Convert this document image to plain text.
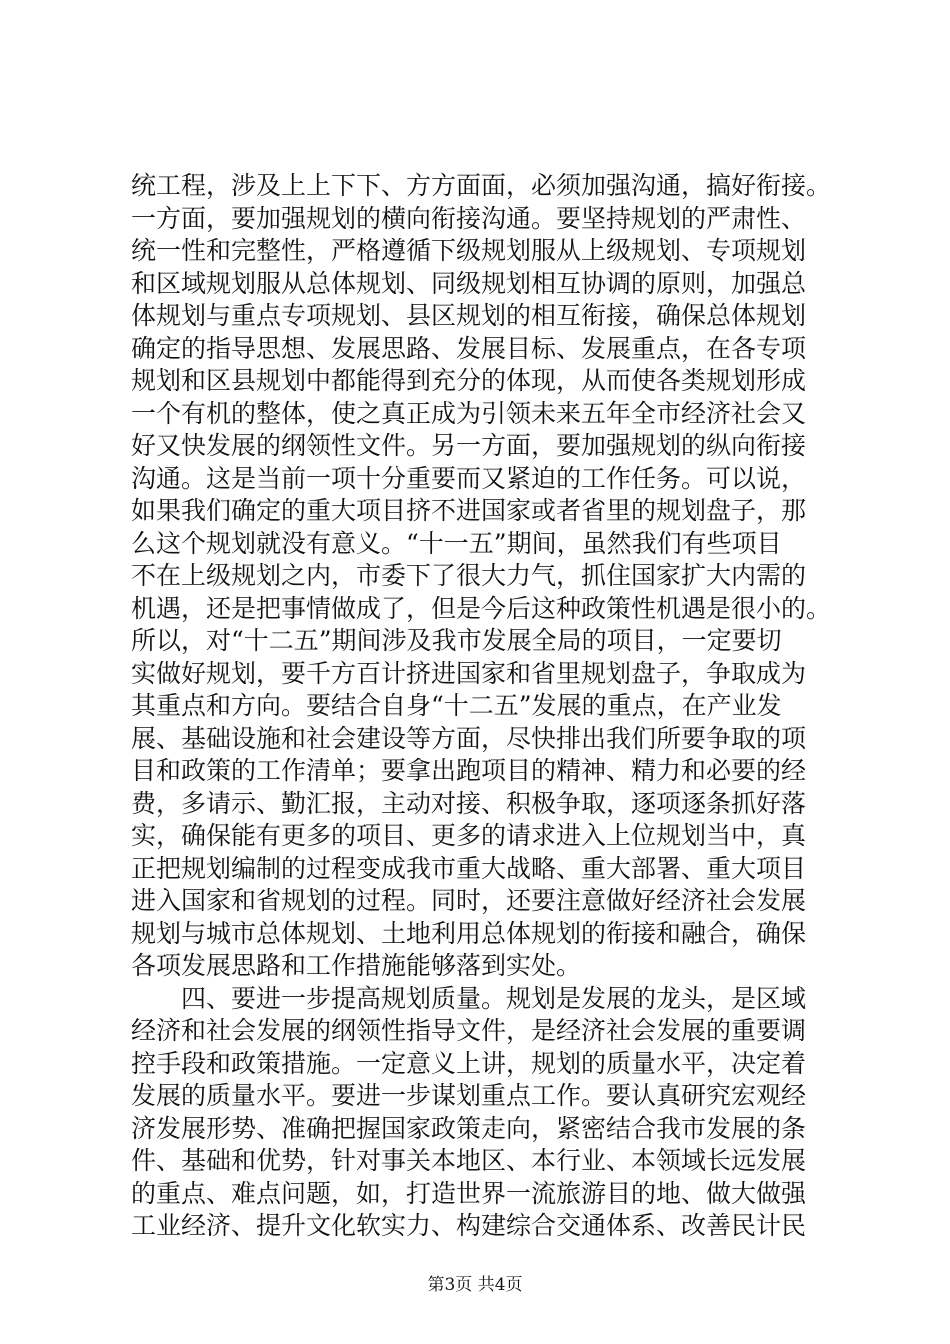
统工程，涉及上上下下、方方面面，必须加强沟通，搞好衔接。
一方面，要加强规划的横向衔接沟通。要坚持规划的严肃性、
统一性和完整性，严格遵循下级规划服从上级规划、专项规划
和区域规划服从总体规划、同级规划相互协调的原则，加强总
体规划与重点专项规划、县区规划的相互衔接，确保总体规划
确定的指导思想、发展思路、发展目标、发展重点，在各专项
规划和区县规划中都能得到充分的体现，从而使各类规划形成
一个有机的整体，使之真正成为引领未来五年全市经济社会又
好又快发展的纲领性文件。另一方面，要加强规划的纵向衔接
沟通。这是当前一项十分重要而又紧迫的工作任务。可以说，
如果我们确定的重大项目挤不进国家或者省里的规划盘子，那
么这个规划就没有意义。“十一五”期间，虽然我们有些项目
不在上级规划之内，市委下了很大力气，抓住国家扩大内需的
机遇，还是把事情做成了，但是今后这种政策性机遇是很小的。
所以，对“十二五”期间涉及我市发展全局的项目，一定要切
实做好规划，要千方百计挤进国家和省里规划盘子，争取成为
其重点和方向。要结合自身“十二五”发展的重点，在产业发
展、基础设施和社会建设等方面，尽快排出我们所要争取的项
目和政策的工作清单；要拿出跑项目的精神、精力和必要的经
费，多请示、勤汇报，主动对接、积极争取，逐项逐条抓好落
实，确保能有更多的项目、更多的请求进入上位规划当中，真
正把规划编制的过程变成我市重大战略、重大部署、重大项目
进入国家和省规划的过程。同时，还要注意做好经济社会发展
规划与城市总体规划、土地利用总体规划的衔接和融合，确保
各项发展思路和工作措施能够落到实处。
四、要进一步提高规划质量。规划是发展的龙头，是区域
经济和社会发展的纲领性指导文件，是经济社会发展的重要调
控手段和政策措施。一定意义上讲，规划的质量水平，决定着
发展的质量水平。要进一步谋划重点工作。要认真研究宏观经
济发展形势、准确把握国家政策走向，紧密结合我市发展的条
件、基础和优势，针对事关本地区、本行业、本领域长远发展
的重点、难点问题，如，打造世界一流旅游目的地、做大做强
工业经济、提升文化软实力、构建综合交通体系、改善民计民
第3页 共4页
